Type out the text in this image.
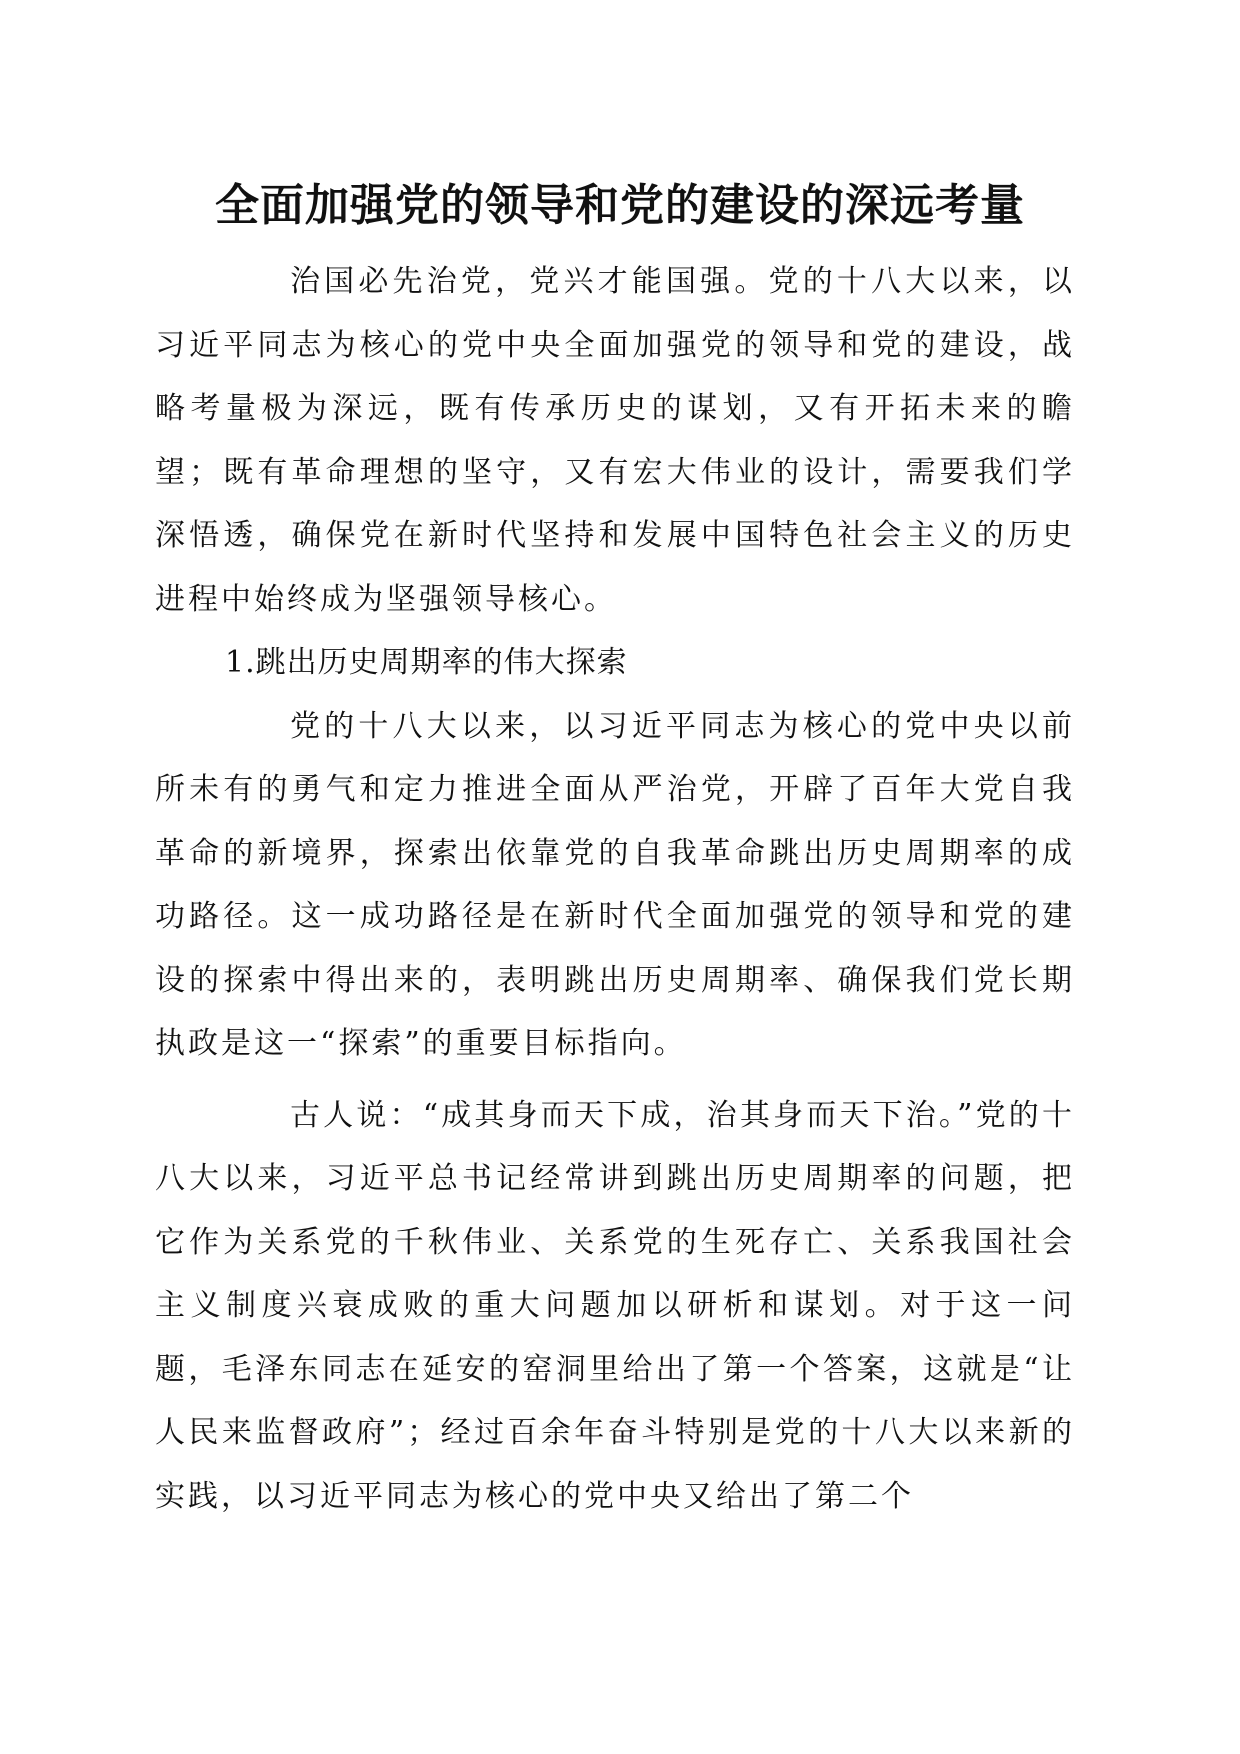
全面加强党的领导和党的建设的深远考量

治国必先治党，党兴才能国强。党的十八大以来，以习近平同志为核心的党中央全面加强党的领导和党的建设，战略考量极为深远，既有传承历史的谋划，又有开拓未来的瞻望；既有革命理想的坚守，又有宏大伟业的设计，需要我们学深悟透，确保党在新时代坚持和发展中国特色社会主义的历史进程中始终成为坚强领导核心。

1.跳出历史周期率的伟大探索

党的十八大以来，以习近平同志为核心的党中央以前所未有的勇气和定力推进全面从严治党，开辟了百年大党自我革命的新境界，探索出依靠党的自我革命跳出历史周期率的成功路径。这一成功路径是在新时代全面加强党的领导和党的建设的探索中得出来的，表明跳出历史周期率、确保我们党长期执政是这一“探索”的重要目标指向。

古人说：“成其身而天下成，治其身而天下治。”党的十八大以来，习近平总书记经常讲到跳出历史周期率的问题，把它作为关系党的千秋伟业、关系党的生死存亡、关系我国社会主义制度兴衰成败的重大问题加以研析和谋划。对于这一问题，毛泽东同志在延安的窑洞里给出了第一个答案，这就是“让人民来监督政府”；经过百余年奋斗特别是党的十八大以来新的实践，以习近平同志为核心的党中央又给出了第二个
